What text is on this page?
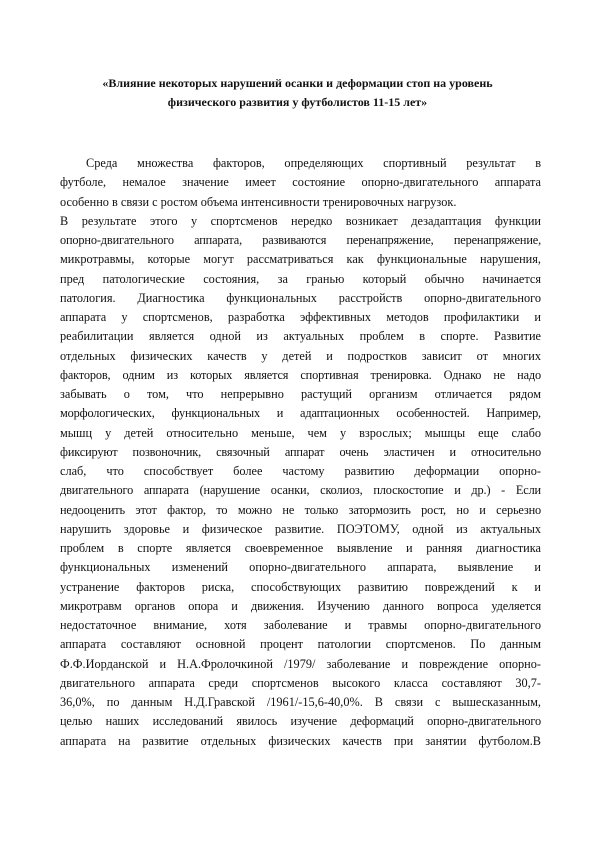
«Влияние некоторых нарушений осанки и деформации стоп на уровень
физического развития у футболистов 11-15 лет»
Среда множества факторов, определяющих спортивный результат в
футболе, немалое значение имеет состояние опорно-двигательного аппарата
особенно в связи с ростом объема интенсивности тренировочных нагрузок.
В результате этого у спортсменов нередко возникает дезадаптация функции
опорно-двигательного аппарата, развиваются перенапряжение, перенапряжение,
микротравмы, которые могут рассматриваться как функциональные нарушения,
пред патологические состояния, за гранью который обычно начинается
патология. Диагностика функциональных расстройств опорно-двигательного
аппарата у спортсменов, разработка эффективных методов профилактики и
реабилитации является одной из актуальных проблем в спорте. Развитие
отдельных физических качеств у детей и подростков зависит от многих
факторов, одним из которых является спортивная тренировка. Однако не надо
забывать о том, что непрерывно растущий организм отличается рядом
морфологических, функциональных и адаптационных особенностей. Например,
мышц у детей относительно меньше, чем у взрослых; мышцы еще слабо
фиксируют позвоночник, связочный аппарат очень эластичен и относительно
слаб, что способствует более частому развитию деформации опорно-
двигательного аппарата (нарушение осанки, сколиоз, плоскостопие и др.) - Если
недооценить этот фактор, то можно не только затормозить рост, но и серьезно
нарушить здоровье и физическое развитие. ПОЭТОМУ, одной из актуальных
проблем в спорте является своевременное выявление и ранняя диагностика
функциональных изменений опорно-двигательного аппарата, выявление и
устранение факторов риска, способствующих развитию повреждений к и
микротравм органов опора и движения. Изучению данного вопроса уделяется
недостаточное внимание, хотя заболевание и травмы опорно-двигательного
аппарата составляют основной процент патологии спортсменов. По данным
Ф.Ф.Иорданской и Н.А.Фролочкиной /1979/ заболевание и повреждение опорно-
двигательного аппарата среди спортсменов высокого класса составляют 30,7-
36,0%, по данным Н.Д.Гравской /1961/-15,6-40,0%. В связи с вышесказанным,
целью наших исследований явилось изучение деформаций опорно-двигательного
аппарата на развитие отдельных физических качеств при занятии футболом.В
